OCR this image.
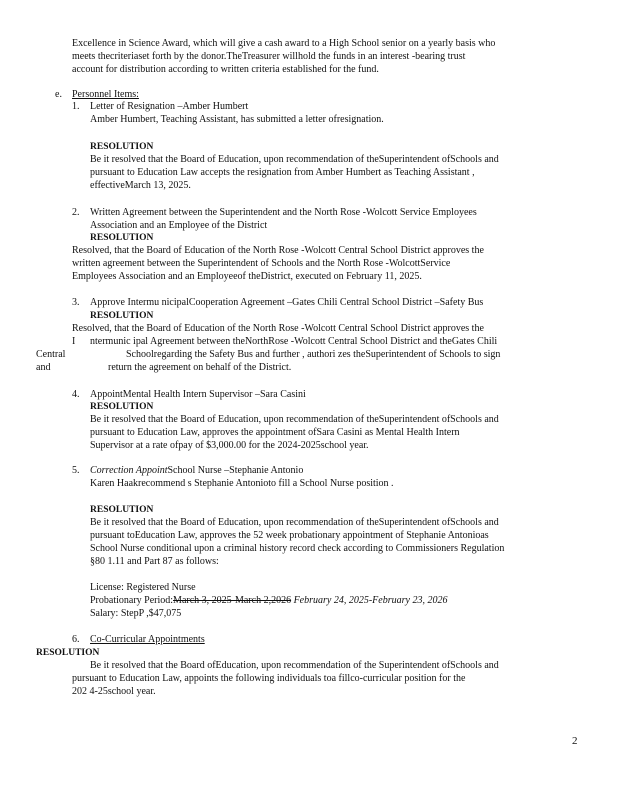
Excellence in Science Award, which will give a cash award to a High School senior on a yearly basis who
meets thecriteriaset forth by the donor.TheTreasurer willhold the funds in an interest -bearing trust
account for distribution according to written criteria established for the fund.
e. Personnel Items:
1. Letter of Resignation –Amber Humbert
Amber Humbert, Teaching Assistant, has submitted a letter ofresignation.
RESOLUTION
Be it resolved that the Board of Education, upon recommendation of theSuperintendent ofSchools and
pursuant to Education Law accepts the resignation from Amber Humbert as Teaching Assistant ,
effectiveMarch 13, 2025.
2. Written Agreement between the Superintendent and the North Rose -Wolcott Service Employees
Association and an Employee of the District
RESOLUTION
Resolved, that the Board of Education of the North Rose -Wolcott Central School District approves the
written agreement between the Superintendent of Schools and the North Rose -WolcottService
Employees Association and an Employeeof theDistrict, executed on February 11, 2025.
3. Approve Intermu nicipalCooperation Agreement –Gates Chili Central School District –Safety Bus
RESOLUTION
Resolved, that the Board of Education of the North Rose -Wolcott Central School District approves the
I ntermunic ipal Agreement between theNorthRose -Wolcott Central School District and theGates Chili
Central	Schoolregarding the Safety Bus and further , authori zes theSuperintendent of Schools to sign
and	return the agreement on behalf of the District.
4. AppointMental Health Intern Supervisor –Sara Casini
RESOLUTION
Be it resolved that the Board of Education, upon recommendation of theSuperintendent ofSchools and
pursuant to Education Law, approves the appointment ofSara Casini as Mental Health Intern
Supervisor at a rate ofpay of $3,000.00 for the 2024-2025school year.
5. Correction AppointSchool Nurse –Stephanie Antonio
Karen Haakrecommend s Stephanie Antonioto fill a School Nurse position .
RESOLUTION
Be it resolved that the Board of Education, upon recommendation of theSuperintendent ofSchools and
pursuant toEducation Law, approves the 52 week probationary appointment of Stephanie Antonioas
School Nurse conditional upon a criminal history record check according to Commissioners Regulation
§80 1.11 and Part 87 as follows:
License: Registered Nurse
Probationary Period:March 3, 2025-March 2,2026 February 24, 2025-February 23, 2026
Salary: StepP ,$47,075
6. Co-Curricular Appointments
RESOLUTION
Be it resolved that the Board ofEducation, upon recommendation of the Superintendent ofSchools and
pursuant to Education Law, appoints the following individuals toa fillco-curricular position for the
202 4-25school year.
2
